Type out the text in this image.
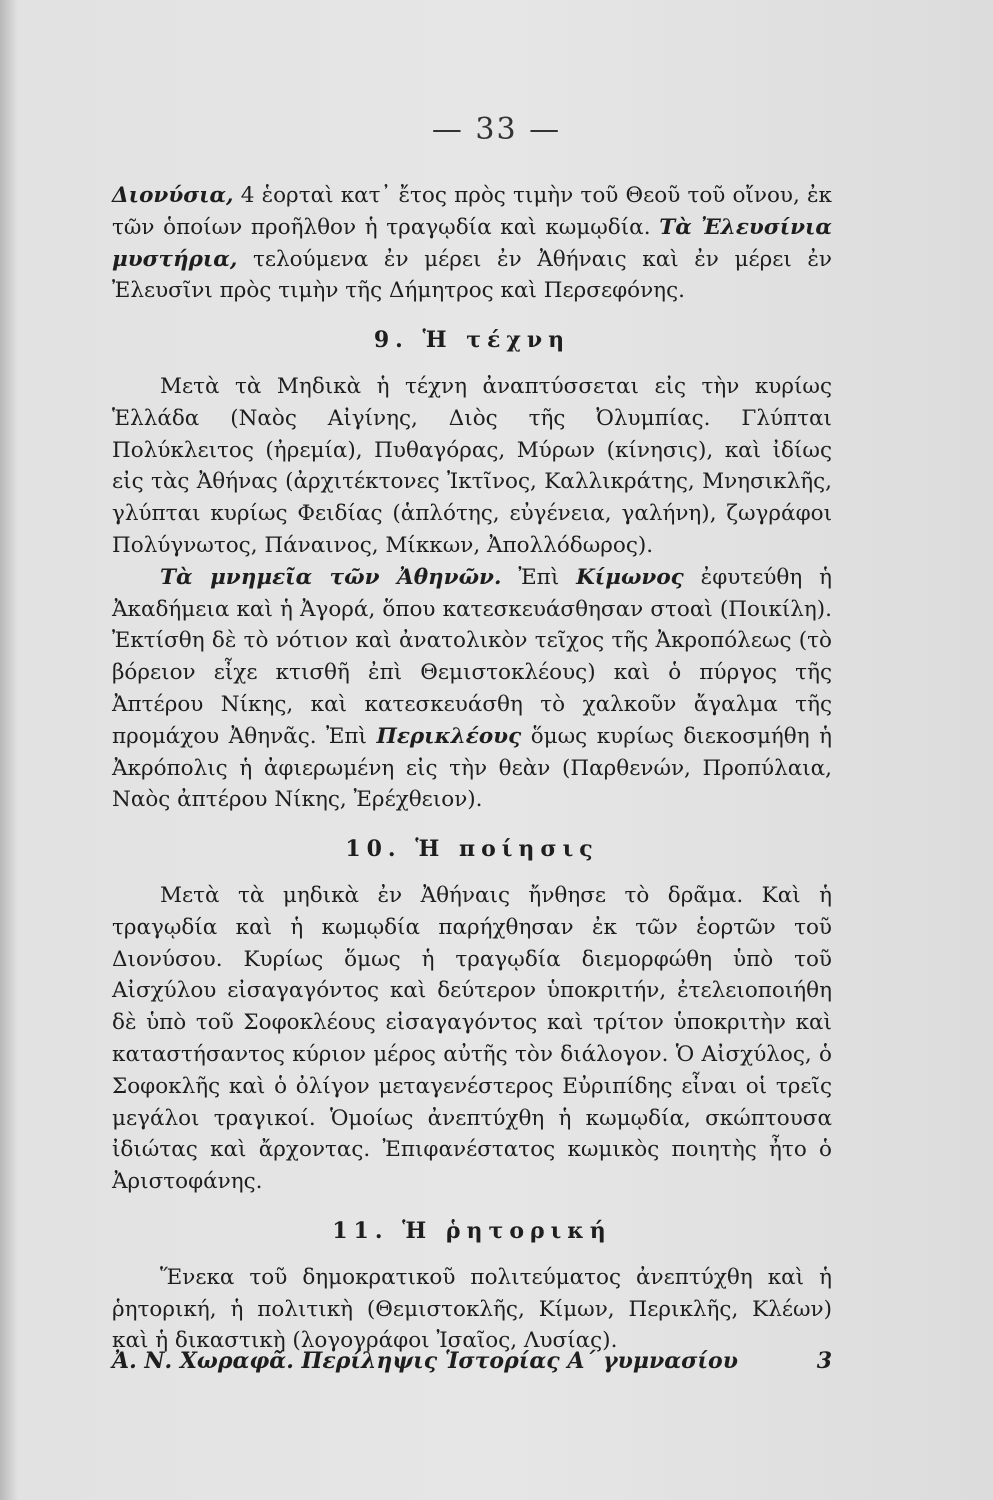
— 33 —

Διονύσια, 4 ἑορταὶ κατ᾽ ἔτος πρὸς τιμὴν τοῦ Θεοῦ τοῦ οἴνου, ἐκ τῶν ὁποίων προῆλθον ἡ τραγῳδία καὶ κωμῳδία. Τὰ Ἐλευσίνια μυστήρια, τελούμενα ἐν μέρει ἐν Ἀθήναις καὶ ἐν μέρει ἐν Ἐλευσῖνι πρὸς τιμὴν τῆς Δήμητρος καὶ Περσεφόνης.

9. Ἡ τέχνη

Μετὰ τὰ Μηδικὰ ἡ τέχνη ἀναπτύσσεται εἰς τὴν κυρίως Ἑλλάδα (Ναὸς Αἰγίνης, Διὸς τῆς Ὀλυμπίας. Γλύπται Πολύκλειτος (ἠρεμία), Πυθαγόρας, Μύρων (κίνησις), καὶ ἰδίως εἰς τὰς Ἀθήνας (ἀρχιτέκτονες Ἰκτῖνος, Καλλικράτης, Μνησικλῆς, γλύπται κυρίως Φειδίας (ἁπλότης, εὐγένεια, γαλήνη), ζωγράφοι Πολύγνωτος, Πάναινος, Μίκκων, Ἀπολλόδωρος).

Τὰ μνημεῖα τῶν Ἀθηνῶν. Ἐπὶ Κίμωνος ἐφυτεύθη ἡ Ἀκαδήμεια καὶ ἡ Ἀγορά, ὅπου κατεσκευάσθησαν στοαὶ (Ποικίλη). Ἐκτίσθη δὲ τὸ νότιον καὶ ἀνατολικὸν τεῖχος τῆς Ἀκροπόλεως (τὸ βόρειον εἶχε κτισθῆ ἐπὶ Θεμιστοκλέους) καὶ ὁ πύργος τῆς Ἀπτέρου Νίκης, καὶ κατεσκευάσθη τὸ χαλκοῦν ἄγαλμα τῆς προμάχου Ἀθηνᾶς. Ἐπὶ Περικλέους ὅμως κυρίως διεκοσμήθη ἡ Ἀκρόπολις ἡ ἀφιερωμένη εἰς τὴν θεὰν (Παρθενών, Προπύλαια, Ναὸς ἀπτέρου Νίκης, Ἐρέχθειον).

10. Ἡ ποίησις

Μετὰ τὰ μηδικὰ ἐν Ἀθήναις ἤνθησε τὸ δρᾶμα. Καὶ ἡ τραγῳδία καὶ ἡ κωμῳδία παρήχθησαν ἐκ τῶν ἑορτῶν τοῦ Διονύσου. Κυρίως ὅμως ἡ τραγῳδία διεμορφώθη ὑπὸ τοῦ Αἰσχύλου εἰσαγαγόντος καὶ δεύτερον ὑποκριτήν, ἐτελειοποιήθη δὲ ὑπὸ τοῦ Σοφοκλέους εἰσαγαγόντος καὶ τρίτον ὑποκριτὴν καὶ καταστήσαντος κύριον μέρος αὐτῆς τὸν διάλογον. Ὁ Αἰσχύλος, ὁ Σοφοκλῆς καὶ ὁ ὀλίγον μεταγενέστερος Εὐριπίδης εἶναι οἱ τρεῖς μεγάλοι τραγικοί. Ὁμοίως ἀνεπτύχθη ἡ κωμῳδία, σκώπτουσα ἰδιώτας καὶ ἄρχοντας. Ἐπιφανέστατος κωμικὸς ποιητὴς ἦτο ὁ Ἀριστοφάνης.

11. Ἡ ῥητορική

Ἕνεκα τοῦ δημοκρατικοῦ πολιτεύματος ἀνεπτύχθη καὶ ἡ ῥητορική, ἡ πολιτικὴ (Θεμιστοκλῆς, Κίμων, Περικλῆς, Κλέων) καὶ ἡ δικαστικὴ (λογογράφοι Ἰσαῖος, Λυσίας).

Ἀ. Ν. Χωραφᾶ. Περίληψις Ἱστορίας Α΄ γυμνασίου	3
